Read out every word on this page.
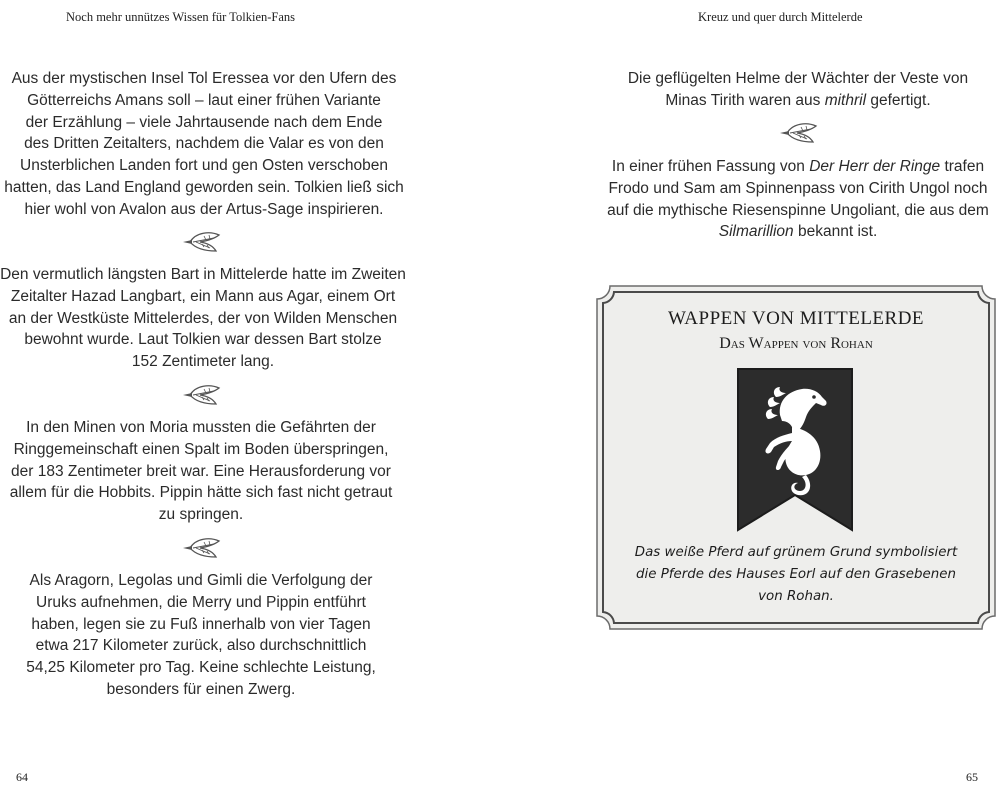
Noch mehr unnützes Wissen für Tolkien-Fans
Aus der mystischen Insel Tol Eressea vor den Ufern des
Götterreichs Amans soll – laut einer frühen Variante
der Erzählung – viele Jahrtausende nach dem Ende
des Dritten Zeitalters, nachdem die Valar es von den
Unsterblichen Landen fort und gen Osten verschoben
hatten, das Land England geworden sein. Tolkien ließ sich
hier wohl von Avalon aus der Artus-Sage inspirieren.
Den vermutlich längsten Bart in Mittelerde hatte im Zweiten
Zeitalter Hazad Langbart, ein Mann aus Agar, einem Ort
an der Westküste Mittelerdes, der von Wilden Menschen
bewohnt wurde. Laut Tolkien war dessen Bart stolze
152 Zentimeter lang.
In den Minen von Moria mussten die Gefährten der
Ringgemeinschaft einen Spalt im Boden überspringen,
der 183 Zentimeter breit war. Eine Herausforderung vor
allem für die Hobbits. Pippin hätte sich fast nicht getraut
zu springen.
Als Aragorn, Legolas und Gimli die Verfolgung der
Uruks aufnehmen, die Merry und Pippin entführt
haben, legen sie zu Fuß innerhalb von vier Tagen
etwa 217 Kilometer zurück, also durchschnittlich
54,25 Kilometer pro Tag. Keine schlechte Leistung,
besonders für einen Zwerg.
64
Kreuz und quer durch Mittelerde
Die geflügelten Helme der Wächter der Veste von
Minas Tirith waren aus mithril gefertigt.
In einer frühen Fassung von Der Herr der Ringe trafen
Frodo und Sam am Spinnenpass von Cirith Ungol noch
auf die mythische Riesenspinne Ungoliant, die aus dem
Silmarillion bekannt ist.
WAPPEN VON MITTELERDE
Das Wappen von Rohan
Das weiße Pferd auf grünem Grund symbolisiert
die Pferde des Hauses Eorl auf den Grasebenen
von Rohan.
65
